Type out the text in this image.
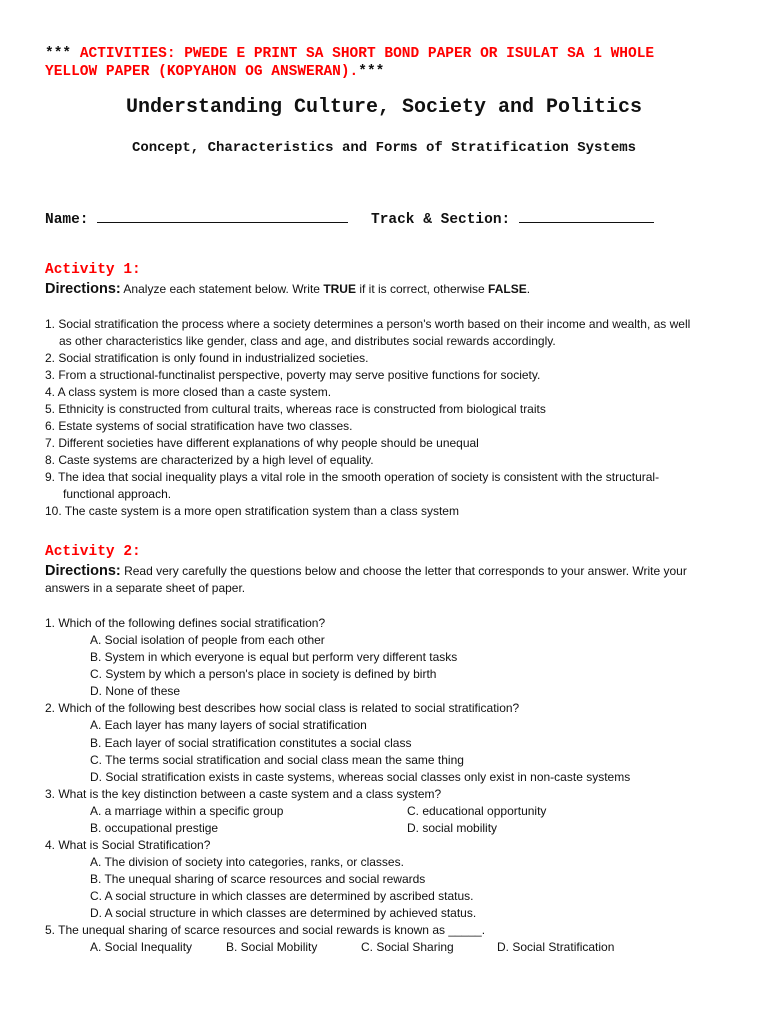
*** ACTIVITIES: PWEDE E PRINT SA SHORT BOND PAPER OR ISULAT SA 1 WHOLE
YELLOW PAPER (KOPYAHON OG ANSWERAN).***
Understanding Culture, Society and Politics
Concept, Characteristics and Forms of Stratification Systems
Name:	Track & Section:
Activity 1:
Directions: Analyze each statement below. Write TRUE if it is correct, otherwise FALSE.
1. Social stratification the process where a society determines a person's worth based on their income and wealth, as well
as other characteristics like gender, class and age, and distributes social rewards accordingly.
2. Social stratification is only found in industrialized societies.
3. From a structional-functinalist perspective, poverty may serve positive functions for society.
4. A class system is more closed than a caste system.
5. Ethnicity is constructed from cultural traits, whereas race is constructed from biological traits
6. Estate systems of social stratification have two classes.
7. Different societies have different explanations of why people should be unequal
8. Caste systems are characterized by a high level of equality.
9. The idea that social inequality plays a vital role in the smooth operation of society is consistent with the structural-
functional approach.
10. The caste system is a more open stratification system than a class system
Activity 2:
Directions: Read very carefully the questions below and choose the letter that corresponds to your answer. Write your
answers in a separate sheet of paper.
1. Which of the following defines social stratification?
A. Social isolation of people from each other
B. System in which everyone is equal but perform very different tasks
C. System by which a person's place in society is defined by birth
D. None of these
2. Which of the following best describes how social class is related to social stratification?
A. Each layer has many layers of social stratification
B. Each layer of social stratification constitutes a social class
C. The terms social stratification and social class mean the same thing
D. Social stratification exists in caste systems, whereas social classes only exist in non-caste systems
3. What is the key distinction between a caste system and a class system?
A. a marriage within a specific group	C. educational opportunity
B. occupational prestige	D. social mobility
4. What is Social Stratification?
A. The division of society into categories, ranks, or classes.
B. The unequal sharing of scarce resources and social rewards
C. A social structure in which classes are determined by ascribed status.
D. A social structure in which classes are determined by achieved status.
5. The unequal sharing of scarce resources and social rewards is known as _____.
A. Social Inequality	B. Social Mobility	C. Social Sharing	D. Social Stratification
